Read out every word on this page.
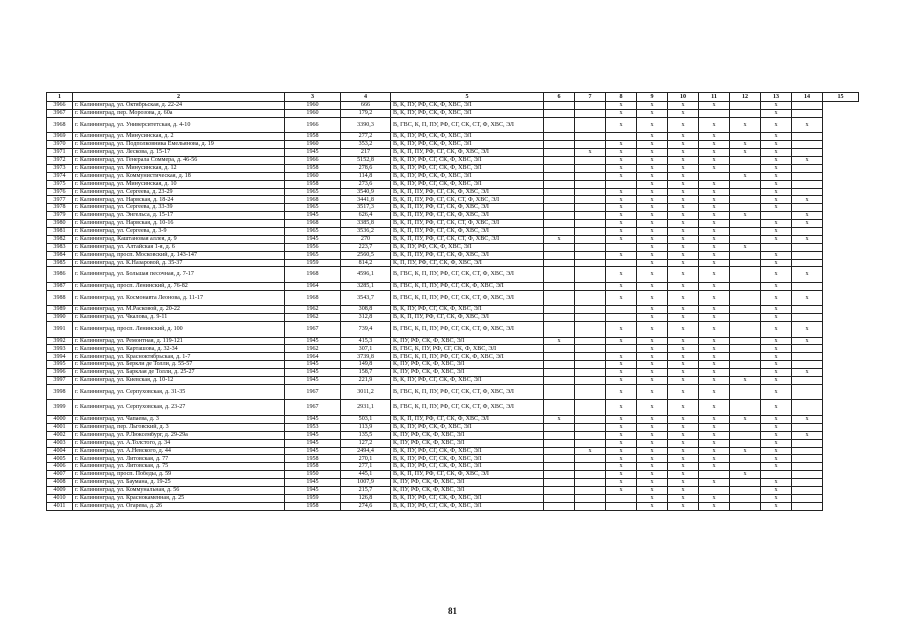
1	2	3	4	5	6	7	8	9	10	11	12	13	14	15
3966	г. Калининград, ул. Октябрьская, д. 22-24	1960	666	В, К, ПУ, РФ, СК, Ф, ХВС, ЭЛ			x	x	x	x		x		
3967	г. Калининград, пер. Морозова, д. 60а	1960	179,2	В, К, ПУ, РФ, СК, Ф, ХВС, ЭЛ			x	x	x			x		
3968	г. Калининград, ул. Университетская, д. 4-10	1966	3390,3	В, ГВС, К, П, ПУ, РФ, СГ, СК, СТ, Ф, ХВС, ЭЛ			x	x	x	x	x	x	x	
3969	г. Калининград, ул. Минусинская, д. 2	1958	277,2	В, К, ПУ, РФ, СК, Ф, ХВС, ЭЛ				x	x	x		x		
3970	г. Калининград, ул. Подполковника Емельянова, д. 19	1960	353,2	В, К, ПУ, РФ, СК, Ф, ХВС, ЭЛ			x	x	x	x	x	x		
3971	г. Калининград, ул. Лескова, д. 15-17	1945	217	В, К, П, ПУ, РФ, СГ, СК, Ф, ХВС, ЭЛ		x	x	x	x	x	x	x		
3972	г. Калининград, ул. Генерала Соммера, д. 46-56	1966	5152,8	В, К, ПУ, РФ, СГ, СК, Ф, ХВС, ЭЛ			x	x	x	x		x	x	
3973	г. Калининград, ул. Минусинская, д. 12	1958	278,6	В, К, ПУ, РФ, СГ, СК, Ф, ХВС, ЭЛ			x	x	x	x		x		
3974	г. Калининград, ул. Коммунистическая, д. 18	1960	114,8	В, К, ПУ, РФ, СК, Ф, ХВС, ЭЛ			x	x	x		x	x		
3975	г. Калининград, ул. Минусинская, д. 10	1958	273,6	В, К, ПУ, РФ, СГ, СК, Ф, ХВС, ЭЛ				x	x	x		x		
3976	г. Калининград, ул. Сергеева, д. 23-29	1965	3540,9	В, К, П, ПУ, РФ, СГ, СК, Ф, ХВС, ЭЛ			x	x	x	x		x		
3977	г. Калининград, ул. Нарвская, д. 18-24	1968	3441,8	В, К, П, ПУ, РФ, СГ, СК, СТ, Ф, ХВС, ЭЛ			x	x	x	x		x	x	
3978	г. Калининград, ул. Сергеева, д. 33-39	1965	3517,3	В, К, П, ПУ, РФ, СГ, СК, Ф, ХВС, ЭЛ			x	x	x	x		x		
3979	г. Калининград, ул. Энгельса, д. 15-17	1945	626,4	В, К, П, ПУ, РФ, СГ, СК, Ф, ХВС, ЭЛ			x	x	x	x	x		x	
3980	г. Калининград, ул. Нарвская, д. 10-16	1968	3385,8	В, К, П, ПУ, РФ, СГ, СК, СТ, Ф, ХВС, ЭЛ			x	x	x	x		x	x	
3981	г. Калининград, ул. Сергеева, д. 3-9	1965	3536,2	В, К, П, ПУ, РФ, СГ, СК, Ф, ХВС, ЭЛ			x	x	x	x		x		
3982	г. Калининград, Каштановая аллея, д. 9	1945	270	В, К, П, ПУ, РФ, СГ, СК, СТ, Ф, ХВС, ЭЛ	x		x	x	x	x		x	x	
3983	г. Калининград, ул. Алтайская 1-я, д. 6	1956	223,7	В, К, ПУ, РФ, СК, Ф, ХВС, ЭЛ				x	x	x	x			
3984	г. Калининград, просп. Московский, д. 143-147	1965	2560,5	В, К, П, ПУ, РФ, СГ, СК, Ф, ХВС, ЭЛ			x	x	x	x		x		
3985	г. Калининград, ул. К.Назаровой, д. 35-37	1959	814,2	К, П, ПУ, РФ, СГ, СК, Ф, ХВС, ЭЛ				x	x	x		x		
3986	г. Калининград, ул. Большая песочная, д. 7-17	1968	4596,1	В, ГВС, К, П, ПУ, РФ, СГ, СК, СТ, Ф, ХВС, ЭЛ			x	x	x	x		x	x	
3987	г. Калининград, просп. Ленинский, д. 76-82	1964	3285,1	В, ГВС, К, П, ПУ, РФ, СГ, СК, Ф, ХВС, ЭЛ			x	x	x	x		x		
3988	г. Калининград, ул. Космонавта Леонова, д. 11-17	1968	3543,7	В, ГВС, К, П, ПУ, РФ, СГ, СК, СТ, Ф, ХВС, ЭЛ			x	x	x	x		x	x	
3989	г. Калининград, ул. М.Расковой, д. 20-22	1962	308,8	В, К, ПУ, РФ, СГ, СК, Ф, ХВС, ЭЛ				x	x	x		x		
3990	г. Калининград, ул. Чкалова, д. 9-11	1962	312,8	В, К, П, ПУ, РФ, СГ, СК, Ф, ХВС, ЭЛ				x	x	x		x		
3991	г. Калининград, просп. Ленинский, д. 100	1967	739,4	В, ГВС, К, П, ПУ, РФ, СГ, СК, СТ, Ф, ХВС, ЭЛ			x	x	x	x		x	x	
3992	г. Калининград, ул. Ремонтная, д. 119-121	1945	415,3	К, ПУ, РФ, СК, Ф, ХВС, ЭЛ	x		x	x	x	x		x	x	
3993	г. Калининград, ул. Карташова, д. 32-34	1962	307,1	В, ГВС, К, ПУ, РФ, СГ, СК, Ф, ХВС, ЭЛ				x	x	x		x		
3994	г. Калининград, ул. Красноктябрьская, д. 1-7	1964	3739,8	В, ГВС, К, П, ПУ, РФ, СГ, СК, Ф, ХВС, ЭЛ			x	x	x	x		x		
3995	г. Калининград, ул. Беркли де Толли, д. 55-57	1945	149,8	К, ПУ, РФ, СК, Ф, ХВС, ЭЛ			x	x	x	x		x		
3996	г. Калининград, ул. Барклая де Толли, д. 25-27	1945	158,7	К, ПУ, РФ, СК, Ф, ХВС, ЭЛ			x	x	x	x		x	x	
3997	г. Калининград, ул. Киевская, д. 10-12	1945	221,9	В, К, ПУ, РФ, СГ, СК, Ф, ХВС, ЭЛ			x	x	x	x	x	x		
3998	г. Калининград, ул. Серпуховская, д. 31-35	1967	3011,2	В, ГВС, К, П, ПУ, РФ, СГ, СК, СТ, Ф, ХВС, ЭЛ			x	x	x	x		x		
3999	г. Калининград, ул. Серпуховская, д. 23-27	1967	2931,1	В, ГВС, К, П, ПУ, РФ, СГ, СК, СТ, Ф, ХВС, ЭЛ			x	x	x	x		x		
4000	г. Калининград, ул. Чапаева, д. 3	1945	503,1	В, К, П, ПУ, РФ, СГ, СК, Ф, ХВС, ЭЛ	x		x	x	x	x	x	x	x	
4001	г. Калининград, пер. Льговский, д. 3	1953	113,9	В, К, ПУ, РФ, СК, Ф, ХВС, ЭЛ			x	x	x	x		x		
4002	г. Калининград, ул. Р.Люксембург, д. 29-29а	1945	135,5	К, ПУ, РФ, СК, Ф, ХВС, ЭЛ			x	x	x	x		x	x	
4003	г. Калининград, ул. А.Толстого, д. 34	1945	127,2	К, ПУ, РФ, СК, Ф, ХВС, ЭЛ			x	x	x	x		x		
4004	г. Калининград, ул. А.Невского, д. 44	1945	2494,4	В, К, ПУ, РФ, СГ, СК, Ф, ХВС, ЭЛ		x	x	x	x	x	x	x		
4005	г. Калининград, ул. Литовская, д. 77	1958	270,1	В, К, ПУ, РФ, СГ, СК, Ф, ХВС, ЭЛ			x	x	x	x		x		
4006	г. Калининград, ул. Литовская, д. 75	1958	277,1	В, К, ПУ, РФ, СГ, СК, Ф, ХВС, ЭЛ			x	x	x	x		x		
4007	г. Калининград, просп. Победы, д. 59	1950	445,1	В, К, П, ПУ, РФ, СГ, СК, Ф, ХВС, ЭЛ			x	x	x		x			
4008	г. Калининград, ул. Баумана, д. 19-25	1945	1007,9	К, ПУ, РФ, СК, Ф, ХВС, ЭЛ			x	x	x	x		x		
4009	г. Калининград, ул. Коммунальная, д. 56	1945	215,7	К, ПУ, РФ, СК, Ф, ХВС, ЭЛ			x	x	x			x		
4010	г. Калининград, ул. Краснокаменная, д. 25	1959	126,8	В, К, ПУ, РФ, СГ, СК, Ф, ХВС, ЭЛ				x	x	x		x		
4011	г. Калининград, ул. Огарева, д. 26	1958	274,6	В, К, ПУ, РФ, СГ, СК, Ф, ХВС, ЭЛ				x	x	x		x		
81
